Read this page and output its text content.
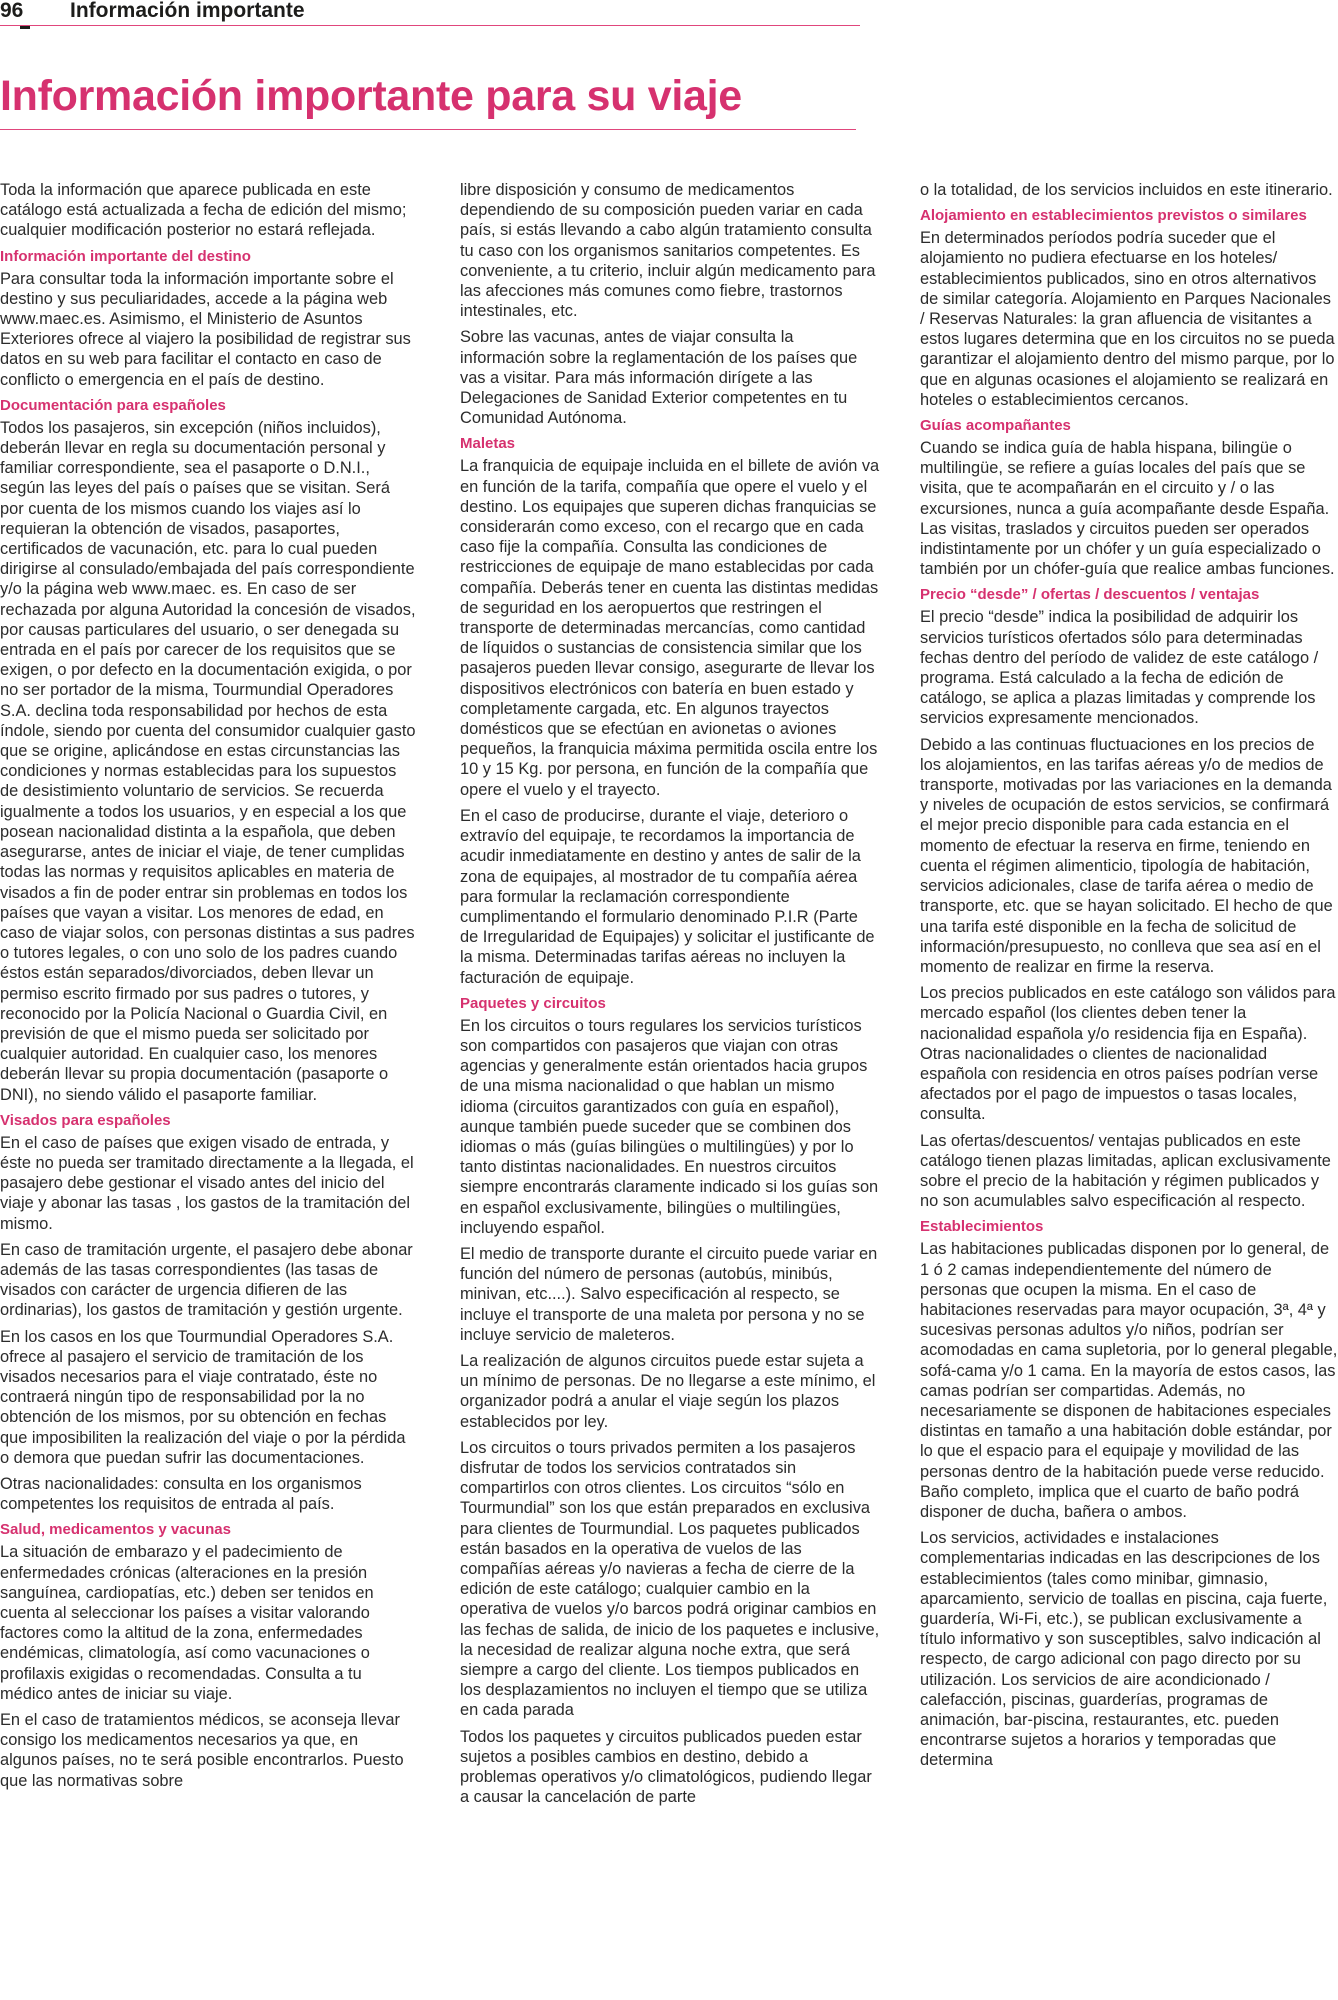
96	Información importante
Información importante para su viaje

Toda la información que aparece publicada en este catálogo está actualizada a fecha de edición del mismo; cualquier modificación posterior no estará reflejada.

Información importante del destino

Para consultar toda la información importante sobre el destino y sus peculiaridades, accede a la página web www.maec.es. Asimismo, el Ministerio de Asuntos Exteriores ofrece al viajero la posibilidad de registrar sus datos en su web para facilitar el contacto en caso de conflicto o emergencia en el país de destino.

Documentación para españoles

Todos los pasajeros, sin excepción (niños incluidos), deberán llevar en regla su documentación personal y familiar correspondiente, sea el pasaporte o D.N.I., según las leyes del país o países que se visitan. Será por cuenta de los mismos cuando los viajes así lo requieran la obtención de visados, pasaportes, certificados de vacunación, etc. para lo cual pueden dirigirse al consulado/embajada del país correspondiente y/o la página web www.maec. es. En caso de ser rechazada por alguna Autoridad la concesión de visados, por causas particulares del usuario, o ser denegada su entrada en el país por carecer de los requisitos que se exigen, o por defecto en la documentación exigida, o por no ser portador de la misma, Tourmundial Operadores S.A. declina toda responsabilidad por hechos de esta índole, siendo por cuenta del consumidor cualquier gasto que se origine, aplicándose en estas circunstancias las condiciones y normas establecidas para los supuestos de desistimiento voluntario de servicios. Se recuerda igualmente a todos los usuarios, y en especial a los que posean nacionalidad distinta a la española, que deben asegurarse, antes de iniciar el viaje, de tener cumplidas todas las normas y requisitos aplicables en materia de visados a fin de poder entrar sin problemas en todos los países que vayan a visitar. Los menores de edad, en caso de viajar solos, con personas distintas a sus padres o tutores legales, o con uno solo de los padres cuando éstos están separados/divorciados, deben llevar un permiso escrito firmado por sus padres o tutores, y reconocido por la Policía Nacional o Guardia Civil, en previsión de que el mismo pueda ser solicitado por cualquier autoridad. En cualquier caso, los menores deberán llevar su propia documentación (pasaporte o DNI), no siendo válido el pasaporte familiar.

Visados para españoles

En el caso de países que exigen visado de entrada, y éste no pueda ser tramitado directamente a la llegada, el pasajero debe gestionar el visado antes del inicio del viaje y abonar las tasas , los gastos de la tramitación del mismo.

En caso de tramitación urgente, el pasajero debe abonar además de las tasas correspondientes (las tasas de visados con carácter de urgencia difieren de las ordinarias), los gastos de tramitación y gestión urgente.

En los casos en los que Tourmundial Operadores S.A. ofrece al pasajero el servicio de tramitación de los visados necesarios para el viaje contratado, éste no contraerá ningún tipo de responsabilidad por la no obtención de los mismos, por su obtención en fechas que imposibiliten la realización del viaje o por la pérdida o demora que puedan sufrir las documentaciones.

Otras nacionalidades: consulta en los organismos competentes los requisitos de entrada al país.

Salud, medicamentos y vacunas

La situación de embarazo y el padecimiento de enfermedades crónicas (alteraciones en la presión sanguínea, cardiopatías, etc.) deben ser tenidos en cuenta al seleccionar los países a visitar valorando factores como la altitud de la zona, enfermedades endémicas, climatología, así como vacunaciones o profilaxis exigidas o recomendadas. Consulta a tu médico antes de iniciar su viaje.

En el caso de tratamientos médicos, se aconseja llevar consigo los medicamentos necesarios ya que, en algunos países, no te será posible encontrarlos. Puesto que las normativas sobre

libre disposición y consumo de medicamentos dependiendo de su composición pueden variar en cada país, si estás llevando a cabo algún tratamiento consulta tu caso con los organismos sanitarios competentes. Es conveniente, a tu criterio, incluir algún medicamento para las afecciones más comunes como fiebre, trastornos intestinales, etc.

Sobre las vacunas, antes de viajar consulta la información sobre la reglamentación de los países que vas a visitar. Para más información dirígete a las Delegaciones de Sanidad Exterior competentes en tu Comunidad Autónoma.

Maletas

La franquicia de equipaje incluida en el billete de avión va en función de la tarifa, compañía que opere el vuelo y el destino. Los equipajes que superen dichas franquicias se considerarán como exceso, con el recargo que en cada caso fije la compañía. Consulta las condiciones de restricciones de equipaje de mano establecidas por cada compañía. Deberás tener en cuenta las distintas medidas de seguridad en los aeropuertos que restringen el transporte de determinadas mercancías, como cantidad de líquidos o sustancias de consistencia similar que los pasajeros pueden llevar consigo, asegurarte de llevar los dispositivos electrónicos con batería en buen estado y completamente cargada, etc. En algunos trayectos domésticos que se efectúan en avionetas o aviones pequeños, la franquicia máxima permitida oscila entre los 10 y 15 Kg. por persona, en función de la compañía que opere el vuelo y el trayecto.

En el caso de producirse, durante el viaje, deterioro o extravío del equipaje, te recordamos la importancia de acudir inmediatamente en destino y antes de salir de la zona de equipajes, al mostrador de tu compañía aérea para formular la reclamación correspondiente cumplimentando el formulario denominado P.I.R (Parte de Irregularidad de Equipajes) y solicitar el justificante de la misma. Determinadas tarifas aéreas no incluyen la facturación de equipaje.

Paquetes y circuitos

En los circuitos o tours regulares los servicios turísticos son compartidos con pasajeros que viajan con otras agencias y generalmente están orientados hacia grupos de una misma nacionalidad o que hablan un mismo idioma (circuitos garantizados con guía en español), aunque también puede suceder que se combinen dos idiomas o más (guías bilingües o multilingües) y por lo tanto distintas nacionalidades. En nuestros circuitos siempre encontrarás claramente indicado si los guías son en español exclusivamente, bilingües o multilingües, incluyendo español.

El medio de transporte durante el circuito puede variar en función del número de personas (autobús, minibús, minivan, etc....). Salvo especificación al respecto, se incluye el transporte de una maleta por persona y no se incluye servicio de maleteros.

La realización de algunos circuitos puede estar sujeta a un mínimo de personas. De no llegarse a este mínimo, el organizador podrá a anular el viaje según los plazos establecidos por ley.

Los circuitos o tours privados permiten a los pasajeros disfrutar de todos los servicios contratados sin compartirlos con otros clientes. Los circuitos “sólo en Tourmundial” son los que están preparados en exclusiva para clientes de Tourmundial. Los paquetes publicados están basados en la operativa de vuelos de las compañías aéreas y/o navieras a fecha de cierre de la edición de este catálogo; cualquier cambio en la operativa de vuelos y/o barcos podrá originar cambios en las fechas de salida, de inicio de los paquetes e inclusive, la necesidad de realizar alguna noche extra, que será siempre a cargo del cliente. Los tiempos publicados en los desplazamientos no incluyen el tiempo que se utiliza en cada parada

Todos los paquetes y circuitos publicados pueden estar sujetos a posibles cambios en destino, debido a problemas operativos y/o climatológicos, pudiendo llegar a causar la cancelación de parte

o la totalidad, de los servicios incluidos en este itinerario.

Alojamiento en establecimientos previstos o similares

En determinados períodos podría suceder que el alojamiento no pudiera efectuarse en los hoteles/ establecimientos publicados, sino en otros alternativos de similar categoría. Alojamiento en Parques Nacionales / Reservas Naturales: la gran afluencia de visitantes a estos lugares determina que en los circuitos no se pueda garantizar el alojamiento dentro del mismo parque, por lo que en algunas ocasiones el alojamiento se realizará en hoteles o establecimientos cercanos.

Guías acompañantes

Cuando se indica guía de habla hispana, bilingüe o multilingüe, se refiere a guías locales del país que se visita, que te acompañarán en el circuito y / o las excursiones, nunca a guía acompañante desde España. Las visitas, traslados y circuitos pueden ser operados indistintamente por un chófer y un guía especializado o también por un chófer-guía que realice ambas funciones.

Precio “desde” / ofertas / descuentos / ventajas

El precio “desde” indica la posibilidad de adquirir los servicios turísticos ofertados sólo para determinadas fechas dentro del período de validez de este catálogo / programa. Está calculado a la fecha de edición de catálogo, se aplica a plazas limitadas y comprende los servicios expresamente mencionados.

Debido a las continuas fluctuaciones en los precios de los alojamientos, en las tarifas aéreas y/o de medios de transporte, motivadas por las variaciones en la demanda y niveles de ocupación de estos servicios, se confirmará el mejor precio disponible para cada estancia en el momento de efectuar la reserva en firme, teniendo en cuenta el régimen alimenticio, tipología de habitación, servicios adicionales, clase de tarifa aérea o medio de transporte, etc. que se hayan solicitado. El hecho de que una tarifa esté disponible en la fecha de solicitud de información/presupuesto, no conlleva que sea así en el momento de realizar en firme la reserva.

Los precios publicados en este catálogo son válidos para mercado español (los clientes deben tener la nacionalidad española y/o residencia fija en España). Otras nacionalidades o clientes de nacionalidad española con residencia en otros países podrían verse afectados por el pago de impuestos o tasas locales, consulta.

Las ofertas/descuentos/ ventajas publicados en este catálogo tienen plazas limitadas, aplican exclusivamente sobre el precio de la habitación y régimen publicados y no son acumulables salvo especificación al respecto.

Establecimientos

Las habitaciones publicadas disponen por lo general, de 1 ó 2 camas independientemente del número de personas que ocupen la misma. En el caso de habitaciones reservadas para mayor ocupación, 3ª, 4ª y sucesivas personas adultos y/o niños, podrían ser acomodadas en cama supletoria, por lo general plegable, sofá-cama y/o 1 cama. En la mayoría de estos casos, las camas podrían ser compartidas. Además, no necesariamente se disponen de habitaciones especiales distintas en tamaño a una habitación doble estándar, por lo que el espacio para el equipaje y movilidad de las personas dentro de la habitación puede verse reducido. Baño completo, implica que el cuarto de baño podrá disponer de ducha, bañera o ambos.

Los servicios, actividades e instalaciones complementarias indicadas en las descripciones de los establecimientos (tales como minibar, gimnasio, aparcamiento, servicio de toallas en piscina, caja fuerte, guardería, Wi-Fi, etc.), se publican exclusivamente a título informativo y son susceptibles, salvo indicación al respecto, de cargo adicional con pago directo por su utilización. Los servicios de aire acondicionado / calefacción, piscinas, guarderías, programas de animación, bar-piscina, restaurantes, etc. pueden encontrarse sujetos a horarios y temporadas que determina
